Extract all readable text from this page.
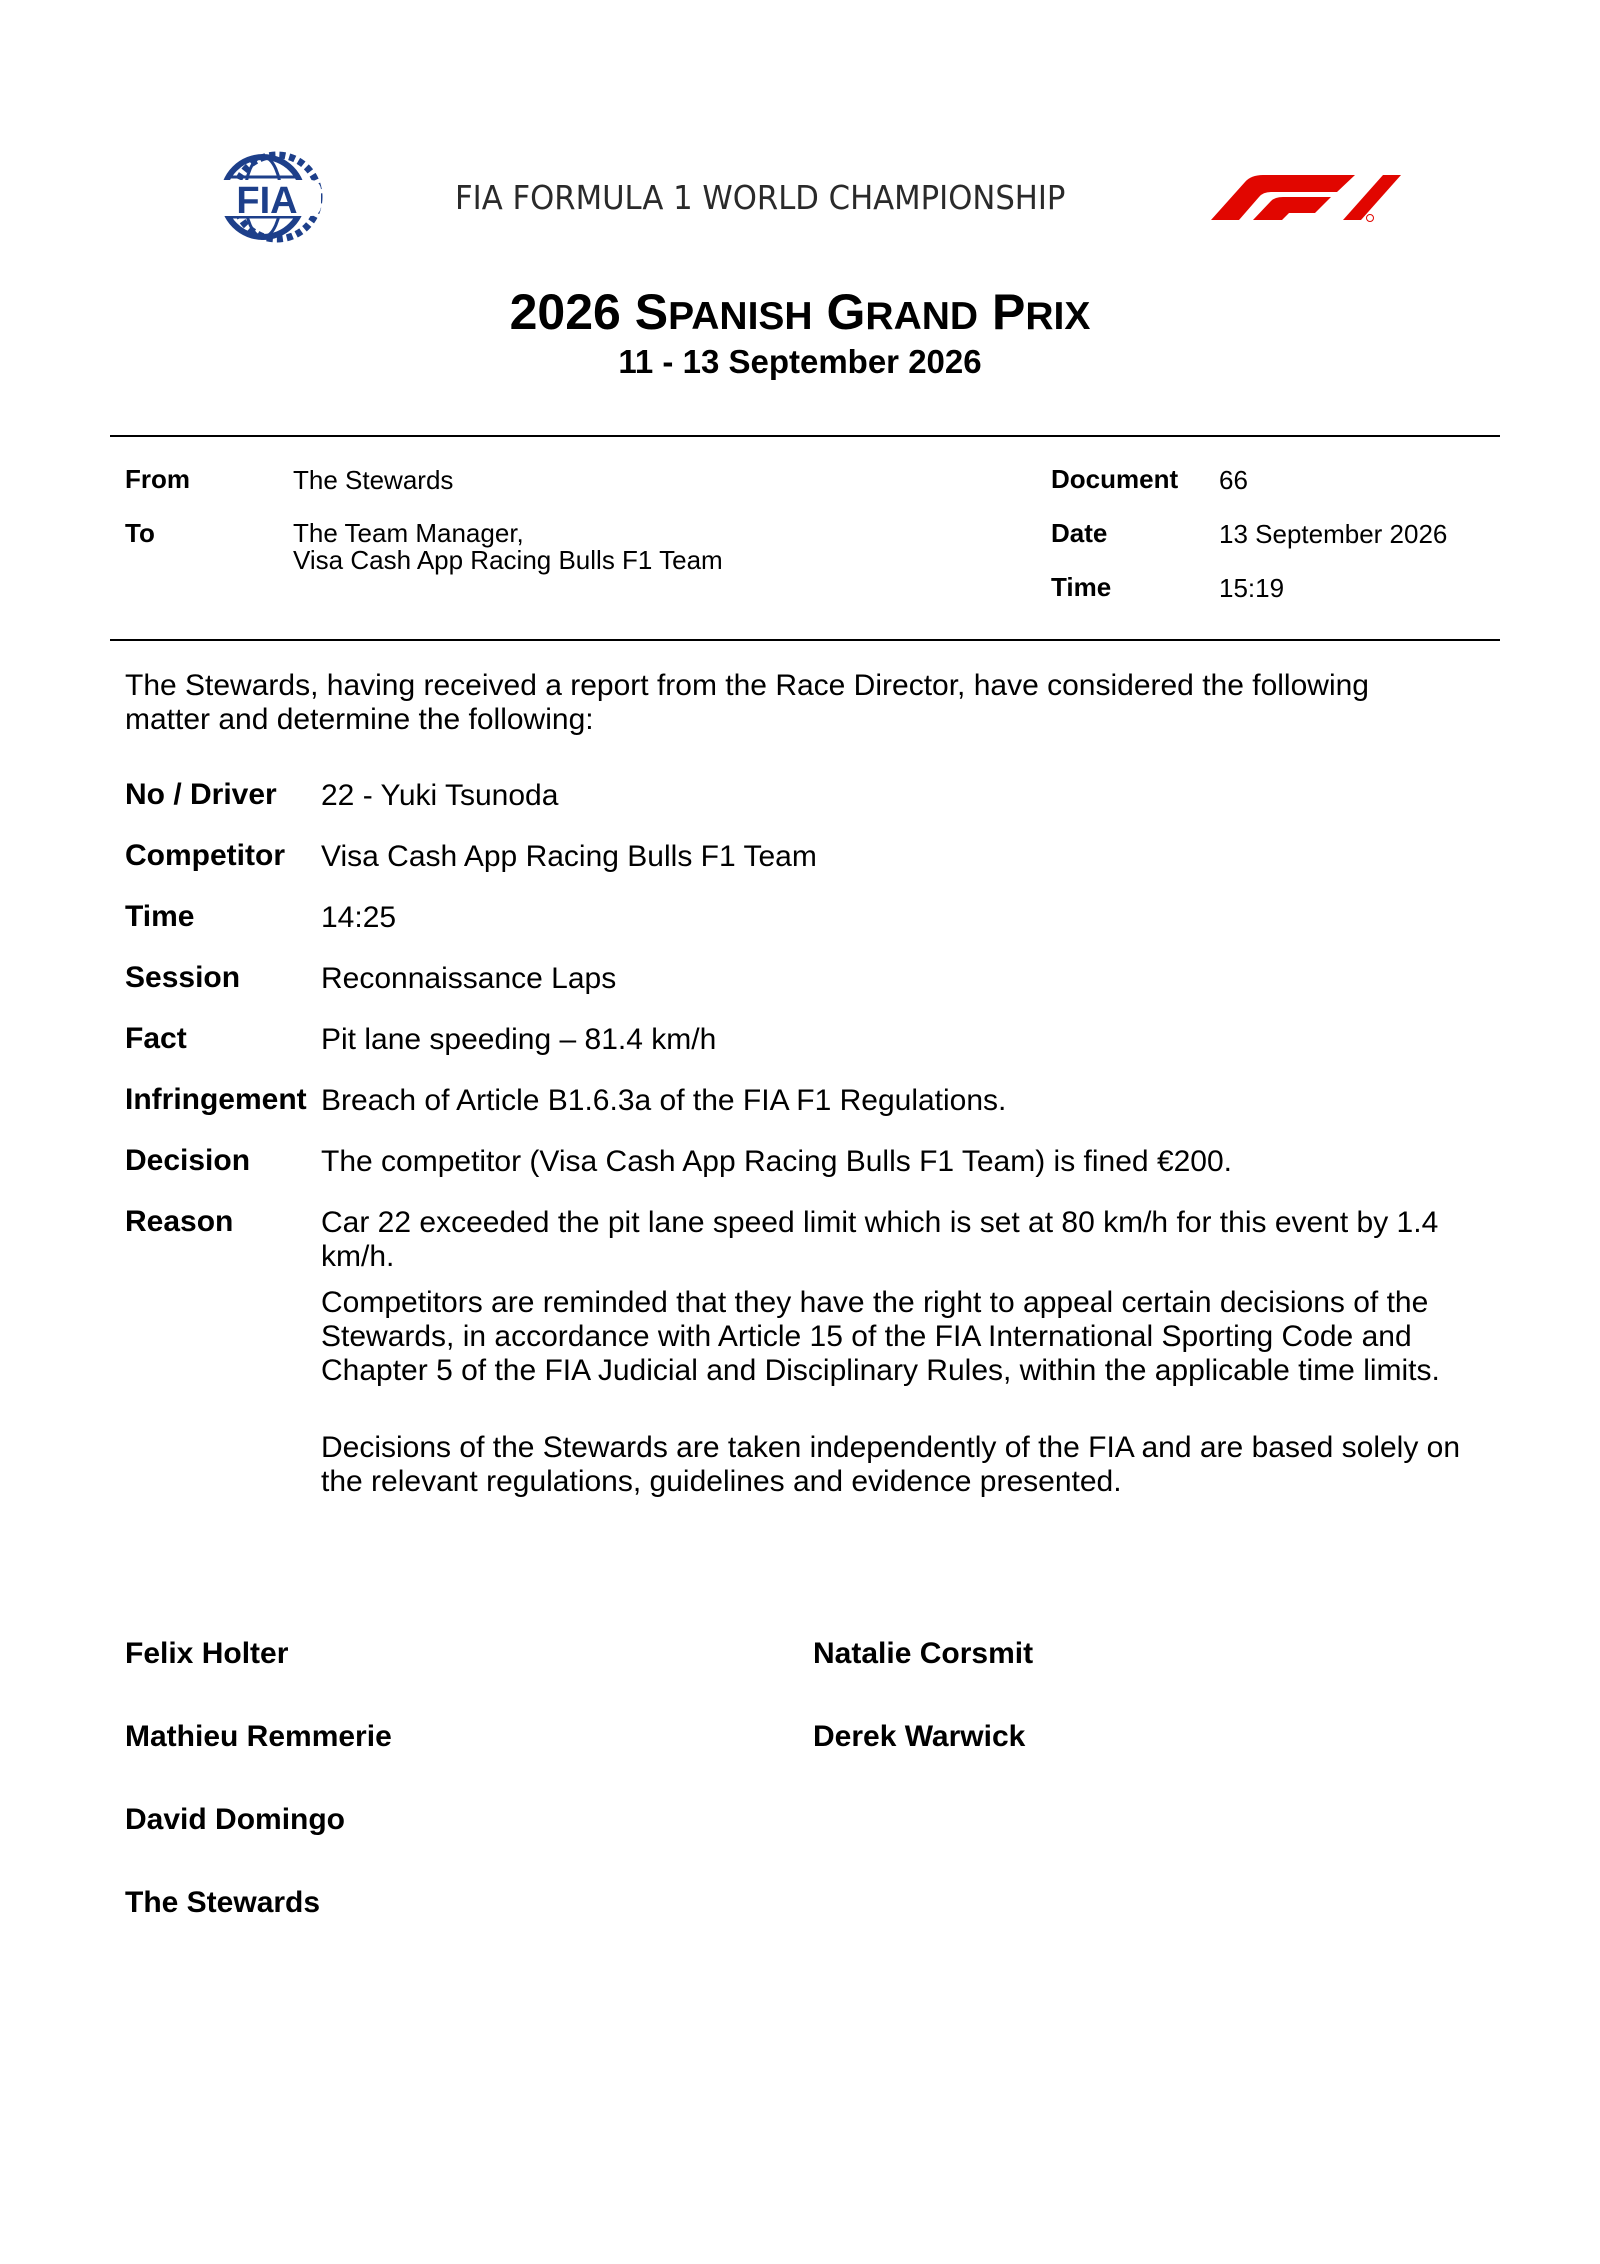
FIA	FIA FORMULA 1 WORLD CHAMPIONSHIP
2026 SPANISH GRAND PRIX
11 - 13 September 2026
From	The Stewards
To	The Team Manager,
Visa Cash App Racing Bulls F1 Team
Document 66
Date	13 September 2026
Time	15:19
The Stewards, having received a report from the Race Director, have considered the following matter and determine the following:
No / Driver 22 - Yuki Tsunoda
Competitor Visa Cash App Racing Bulls F1 Team
Time	14:25
Session	Reconnaissance Laps
Fact	Pit lane speeding – 81.4 km/h
Infringement Breach of Article B1.6.3a of the FIA F1 Regulations.
Decision The competitor (Visa Cash App Racing Bulls F1 Team) is fined €200.
Reason	Car 22 exceeded the pit lane speed limit which is set at 80 km/h for this event by 1.4 km/h.
Competitors are reminded that they have the right to appeal certain decisions of the Stewards, in accordance with Article 15 of the FIA International Sporting Code and Chapter 5 of the FIA Judicial and Disciplinary Rules, within the applicable time limits.
Decisions of the Stewards are taken independently of the FIA and are based solely on the relevant regulations, guidelines and evidence presented.
Felix Holter
Mathieu Remmerie
David Domingo
Natalie Corsmit
Derek Warwick
The Stewards
